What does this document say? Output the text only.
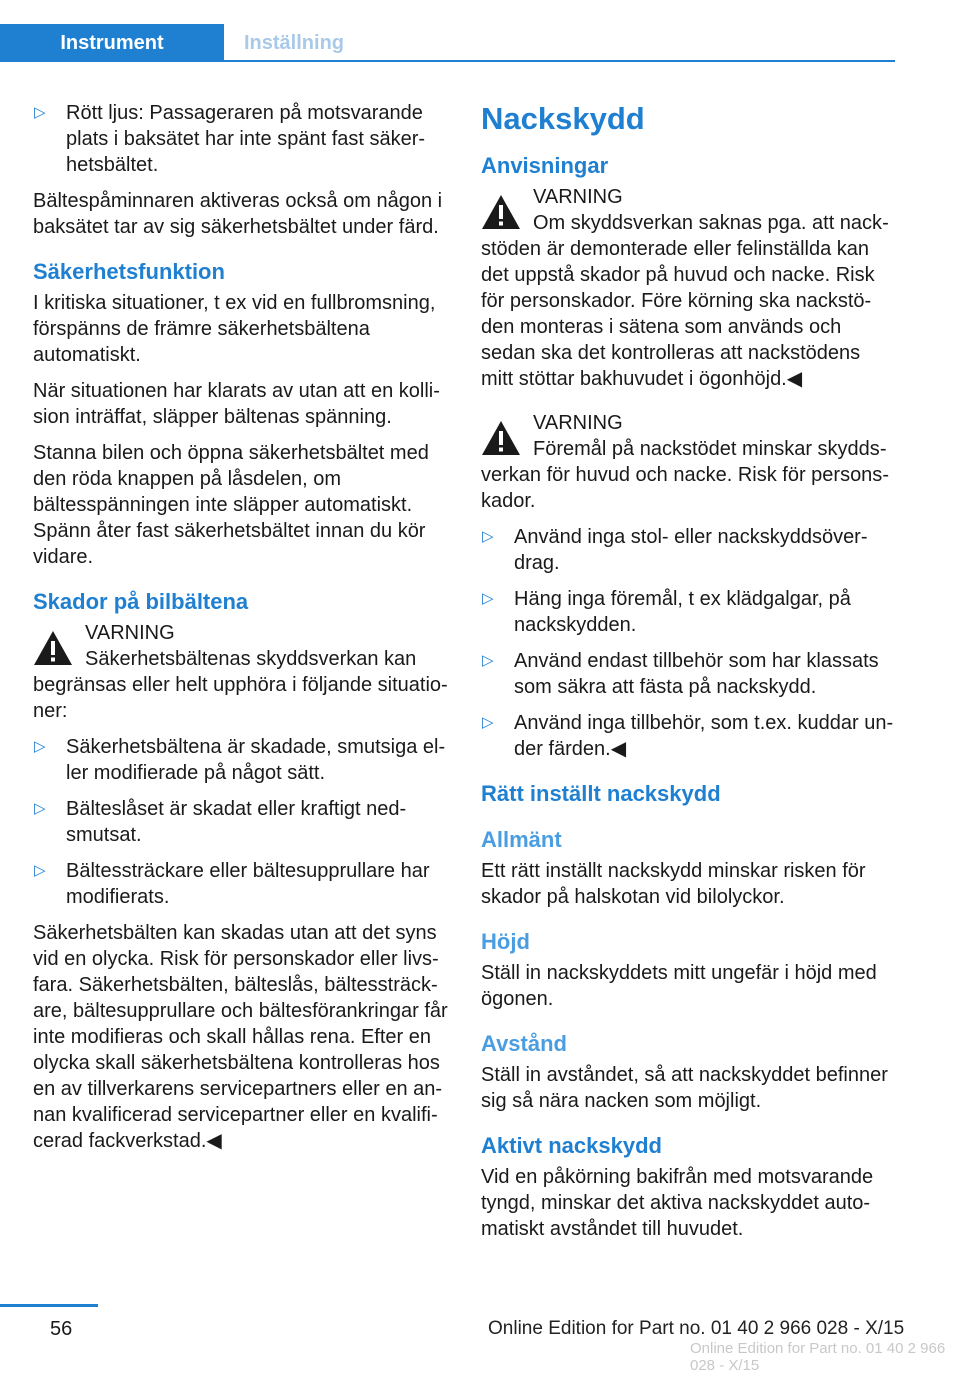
Instrument	Inställning
▷ Rött ljus: Passageraren på motsvarande plats i baksätet har inte spänt fast säkerhetsbältet.

Bältespåminnaren aktiveras också om någon i baksätet tar av sig säkerhetsbältet under färd.

Säkerhetsfunktion

I kritiska situationer, t ex vid en fullbromsning, förspänns de främre säkerhetsbältena automatiskt.

När situationen har klarats av utan att en kollision inträffat, släpper bältenas spänning.

Stanna bilen och öppna säkerhetsbältet med den röda knappen på låsdelen, om bältesspänningen inte släpper automatiskt. Spänn åter fast säkerhetsbältet innan du kör vidare.

Skador på bilbältena
VARNING
Säkerhetsbältenas skyddsverkan kan begränsas eller helt upphöra i följande situationer:
▷ Säkerhetsbältena är skadade, smutsiga eller modifierade på något sätt.
▷ Bälteslåset är skadat eller kraftigt nedsmutsat.
▷ Bältessträckare eller bältesupprullare har modifierats.

Säkerhetsbälten kan skadas utan att det syns vid en olycka. Risk för personskador eller livsfara. Säkerhetsbälten, bälteslås, bältessträckare, bältesupprullare och bältesförankringar får inte modifieras och skall hållas rena. Efter en olycka skall säkerhetsbältena kontrolleras hos en av tillverkarens servicepartners eller en annan kvalificerad servicepartner eller en kvalificerad fackverkstad.◀

Nackskydd
Anvisningar
VARNING
Om skyddsverkan saknas pga. att nackstöden är demonterade eller felinställda kan det uppstå skador på huvud och nacke. Risk för personskador. Före körning ska nackstöden monteras i sätena som används och sedan ska det kontrolleras att nackstödens mitt stöttar bakhuvudet i ögonhöjd.◀
VARNING
Föremål på nackstödet minskar skyddsverkan för huvud och nacke. Risk för personskador.
▷ Använd inga stol- eller nackskyddsöverdrag.
▷ Häng inga föremål, t ex klädgalgar, på nackskydden.
▷ Använd endast tillbehör som har klassats som säkra att fästa på nackskydd.
▷ Använd inga tillbehör, som t.ex. kuddar under färden.◀
Rätt inställt nackskydd
Allmänt

Ett rätt inställt nackskydd minskar risken för skador på halskotan vid bilolyckor.

Höjd

Ställ in nackskyddets mitt ungefär i höjd med ögonen.

Avstånd

Ställ in avståndet, så att nackskyddet befinner sig så nära nacken som möjligt.

Aktivt nackskydd

Vid en påkörning bakifrån med motsvarande tyngd, minskar det aktiva nackskyddet automatiskt avståndet till huvudet.

56	Online Edition for Part no. 01 40 2 966 028 - X/15
Online Edition for Part no. 01 40 2 966 028 - X/15
